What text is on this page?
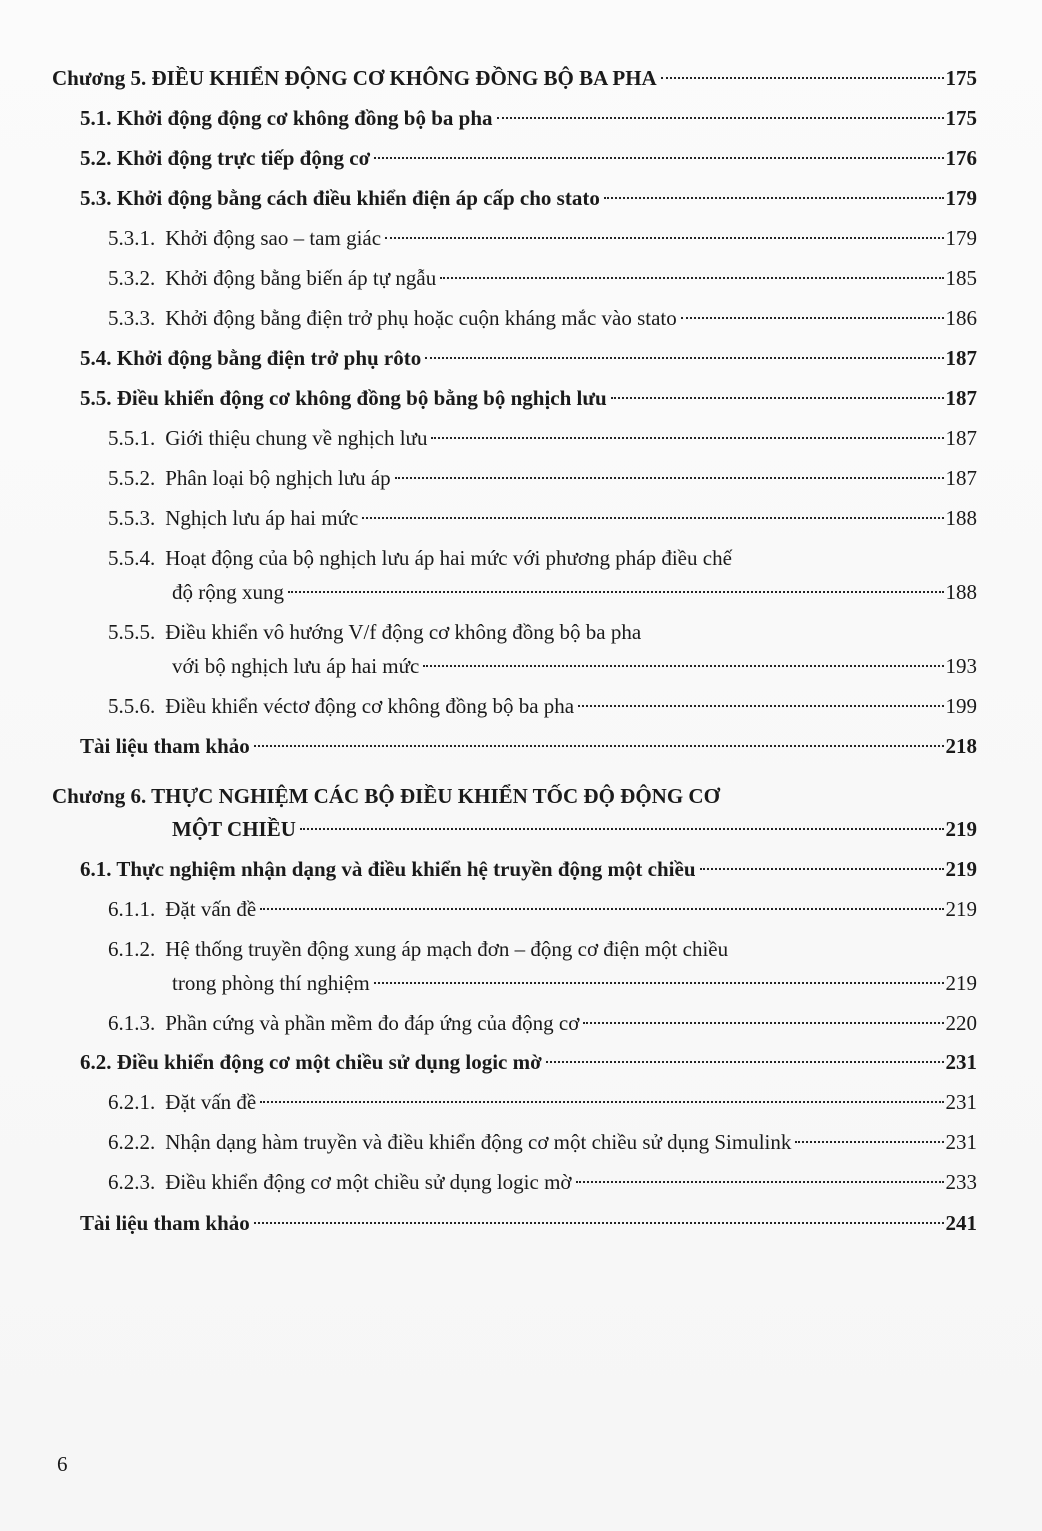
Chương 5. ĐIỀU KHIỂN ĐỘNG CƠ KHÔNG ĐỒNG BỘ BA PHA	175
5.1. Khởi động động cơ không đồng bộ ba pha	175
5.2. Khởi động trực tiếp động cơ	176
5.3. Khởi động bằng cách điều khiển điện áp cấp cho stato	179
5.3.1. Khởi động sao – tam giác	179
5.3.2. Khởi động bằng biến áp tự ngẫu	185
5.3.3. Khởi động bằng điện trở phụ hoặc cuộn kháng mắc vào stato	186
5.4. Khởi động bằng điện trở phụ rôto	187
5.5. Điều khiển động cơ không đồng bộ bằng bộ nghịch lưu	187
5.5.1. Giới thiệu chung về nghịch lưu	187
5.5.2. Phân loại bộ nghịch lưu áp	187
5.5.3. Nghịch lưu áp hai mức	188
5.5.4. Hoạt động của bộ nghịch lưu áp hai mức với phương pháp điều chế
độ rộng xung	188
5.5.5. Điều khiển vô hướng V/f động cơ không đồng bộ ba pha
với bộ nghịch lưu áp hai mức	193
5.5.6. Điều khiển véctơ động cơ không đồng bộ ba pha	199
Tài liệu tham khảo	218
Chương 6. THỰC NGHIỆM CÁC BỘ ĐIỀU KHIỂN TỐC ĐỘ ĐỘNG CƠ
MỘT CHIỀU	219
6.1. Thực nghiệm nhận dạng và điều khiển hệ truyền động một chiều	219
6.1.1. Đặt vấn đề	219
6.1.2. Hệ thống truyền động xung áp mạch đơn – động cơ điện một chiều
trong phòng thí nghiệm	219
6.1.3. Phần cứng và phần mềm đo đáp ứng của động cơ	220
6.2. Điều khiển động cơ một chiều sử dụng logic mờ	231
6.2.1. Đặt vấn đề	231
6.2.2. Nhận dạng hàm truyền và điều khiển động cơ một chiều sử dụng Simulink	231
6.2.3. Điều khiển động cơ một chiều sử dụng logic mờ	233
Tài liệu tham khảo	241
6
